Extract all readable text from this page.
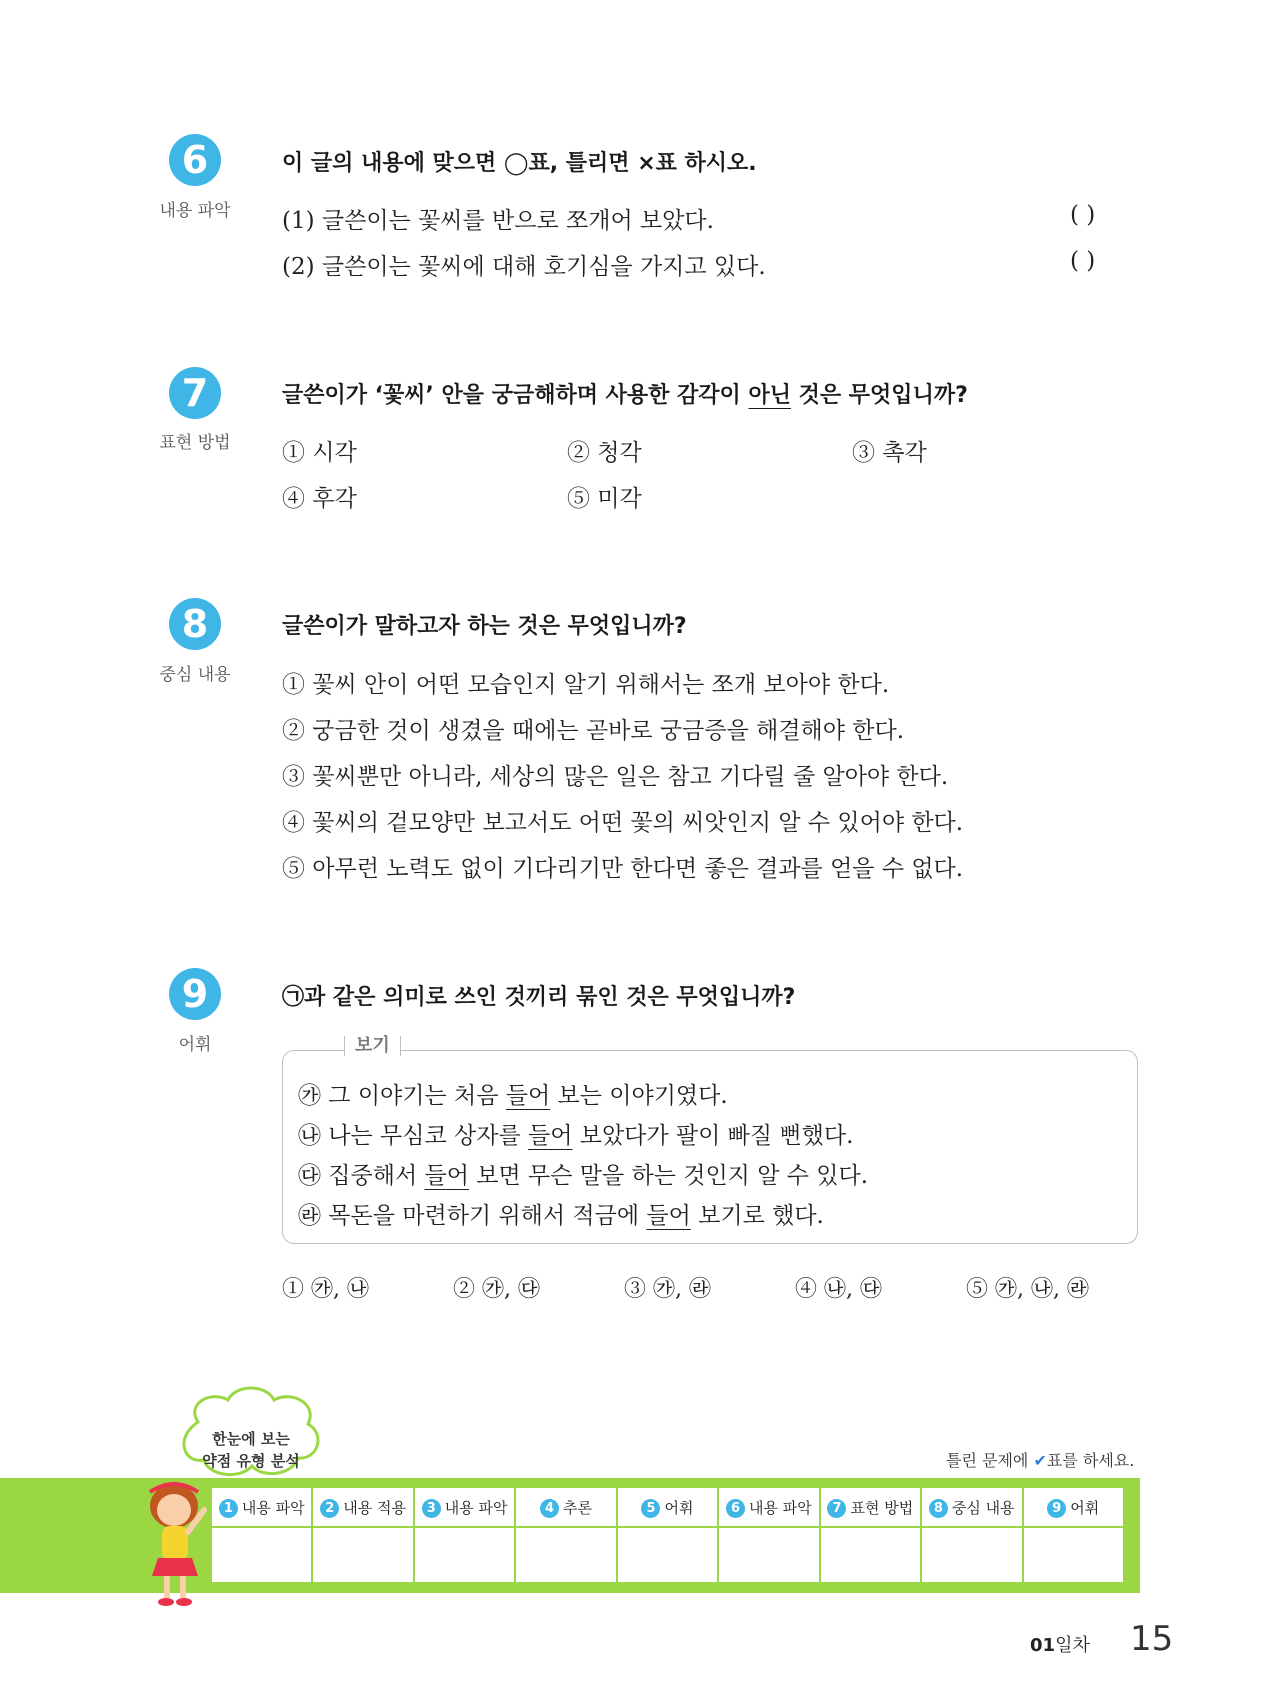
6
내용 파악
이 글의 내용에 맞으면 ◯표, 틀리면 ×표 하시오.
(1) 글쓴이는 꽃씨를 반으로 쪼개어 보았다.	( )
(2) 글쓴이는 꽃씨에 대해 호기심을 가지고 있다.	( )
7
표현 방법
글쓴이가 ‘꽃씨’ 안을 궁금해하며 사용한 감각이 아닌 것은 무엇입니까?
① 시각	② 청각	③ 촉각
④ 후각	⑤ 미각
8
중심 내용
글쓴이가 말하고자 하는 것은 무엇입니까?
① 꽃씨 안이 어떤 모습인지 알기 위해서는 쪼개 보아야 한다.
② 궁금한 것이 생겼을 때에는 곧바로 궁금증을 해결해야 한다.
③ 꽃씨뿐만 아니라, 세상의 많은 일은 참고 기다릴 줄 알아야 한다.
④ 꽃씨의 겉모양만 보고서도 어떤 꽃의 씨앗인지 알 수 있어야 한다.
⑤ 아무런 노력도 없이 기다리기만 한다면 좋은 결과를 얻을 수 없다.
9
어휘
㉠과 같은 의미로 쓰인 것끼리 묶인 것은 무엇입니까?
보기
㉮ 그 이야기는 처음 들어 보는 이야기였다.
㉯ 나는 무심코 상자를 들어 보았다가 팔이 빠질 뻔했다.
㉰ 집중해서 들어 보면 무슨 말을 하는 것인지 알 수 있다.
㉱ 목돈을 마련하기 위해서 적금에 들어 보기로 했다.
① ㉮, ㉯	② ㉮, ㉰	③ ㉮, ㉱	④ ㉯, ㉰	⑤ ㉮, ㉯, ㉱
한눈에 보는
약점 유형 분석	틀린 문제에 ✔표를 하세요.
1 내용 파악	2 내용 적용	3 내용 파악	4 추론	5 어휘	6 내용 파악	7 표현 방법	8 중심 내용	9 어휘

01일차 15
